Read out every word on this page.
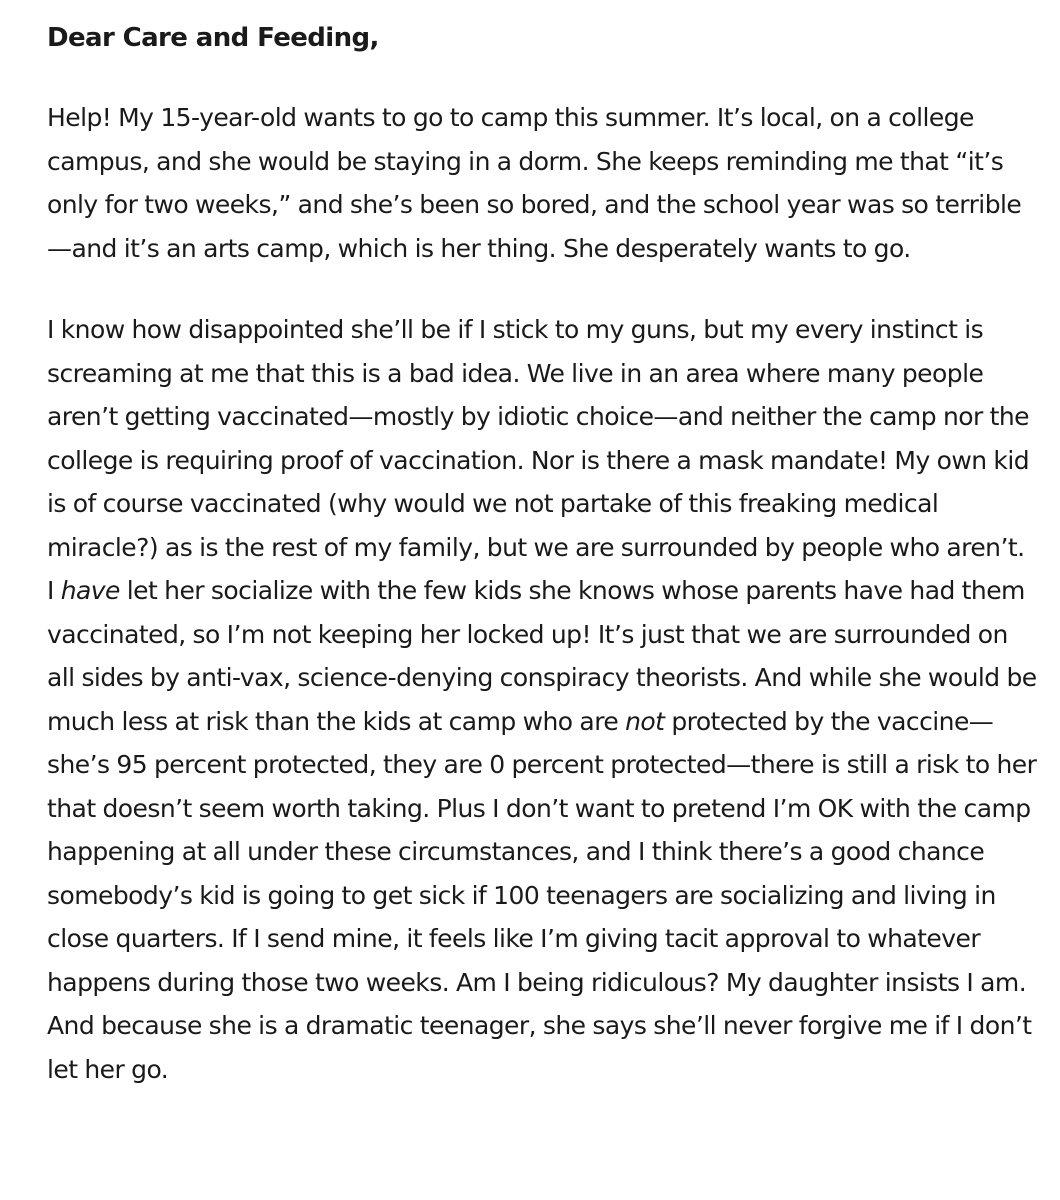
Dear Care and Feeding,

Help! My 15-year-old wants to go to camp this summer. It’s local, on a college campus, and she would be staying in a dorm. She keeps reminding me that “it’s only for two weeks,” and she’s been so bored, and the school year was so terrible—and it’s an arts camp, which is her thing. She desperately wants to go.

I know how disappointed she’ll be if I stick to my guns, but my every instinct is screaming at me that this is a bad idea. We live in an area where many people aren’t getting vaccinated—mostly by idiotic choice—and neither the camp nor the college is requiring proof of vaccination. Nor is there a mask mandate! My own kid is of course vaccinated (why would we not partake of this freaking medical miracle?) as is the rest of my family, but we are surrounded by people who aren’t. I have let her socialize with the few kids she knows whose parents have had them vaccinated, so I’m not keeping her locked up! It’s just that we are surrounded on all sides by anti-vax, science-denying conspiracy theorists. And while she would be much less at risk than the kids at camp who are not protected by the vaccine—she’s 95 percent protected, they are 0 percent protected—there is still a risk to her that doesn’t seem worth taking. Plus I don’t want to pretend I’m OK with the camp happening at all under these circumstances, and I think there’s a good chance somebody’s kid is going to get sick if 100 teenagers are socializing and living in close quarters. If I send mine, it feels like I’m giving tacit approval to whatever happens during those two weeks. Am I being ridiculous? My daughter insists I am. And because she is a dramatic teenager, she says she’ll never forgive me if I don’t let her go.
